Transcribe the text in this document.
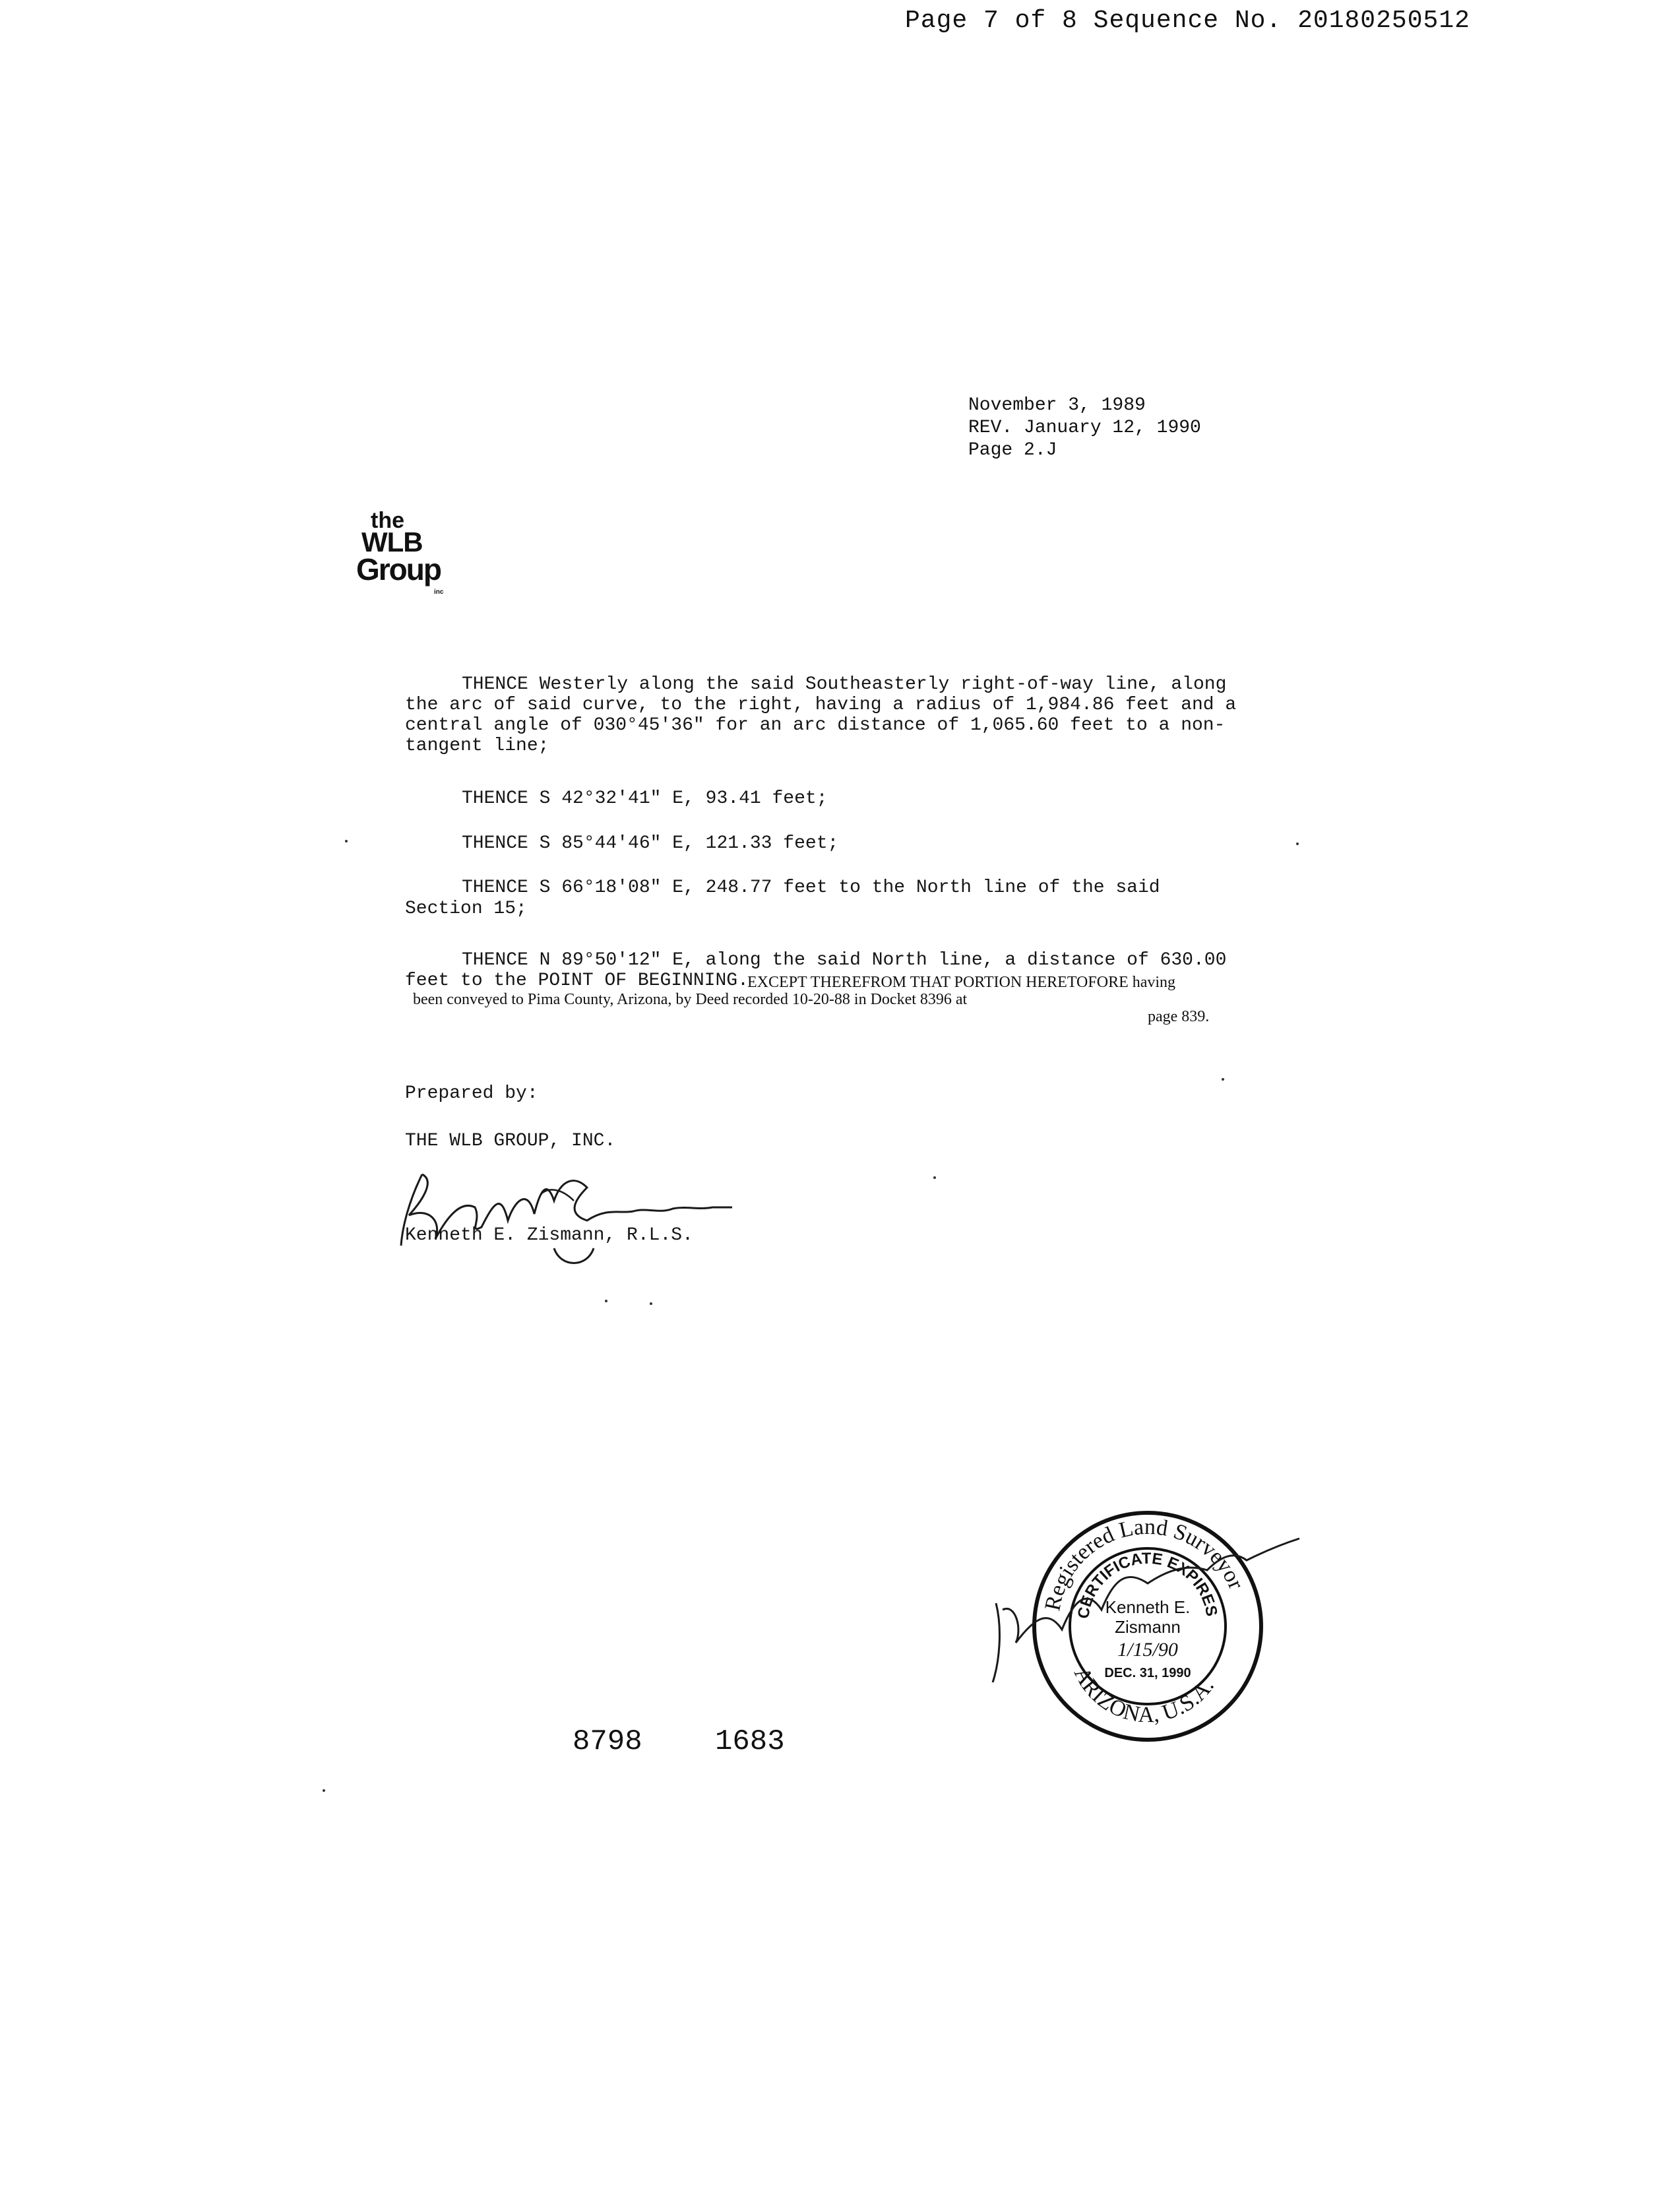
Page 7 of 8 Sequence No. 20180250512
November 3, 1989
REV. January 12, 1990
Page 2.J
the
WLB
Group
inc
THENCE Westerly along the said Southeasterly right-of-way line, along
the arc of said curve, to the right, having a radius of 1,984.86 feet and a
central angle of 030°45'36" for an arc distance of 1,065.60 feet to a non-
tangent line;
THENCE S 42°32'41" E, 93.41 feet;
THENCE S 85°44'46" E, 121.33 feet;
THENCE S 66°18'08" E, 248.77 feet to the North line of the said
Section 15;
THENCE N 89°50'12" E, along the said North line, a distance of 630.00
feet to the POINT OF BEGINNING.
EXCEPT THEREFROM THAT PORTION HERETOFORE having
been conveyed to Pima County, Arizona, by Deed recorded 10-20-88 in Docket 8396 at
page 839.
Prepared by:
THE WLB GROUP, INC.
Kenneth E. Zismann, R.L.S.
Registered Land Surveyor
CERTIFICATE EXPIRES
Kenneth E.
Zismann
1/15/90
DEC. 31, 1990
ARIZONA, U.S.A.
8798	1683
